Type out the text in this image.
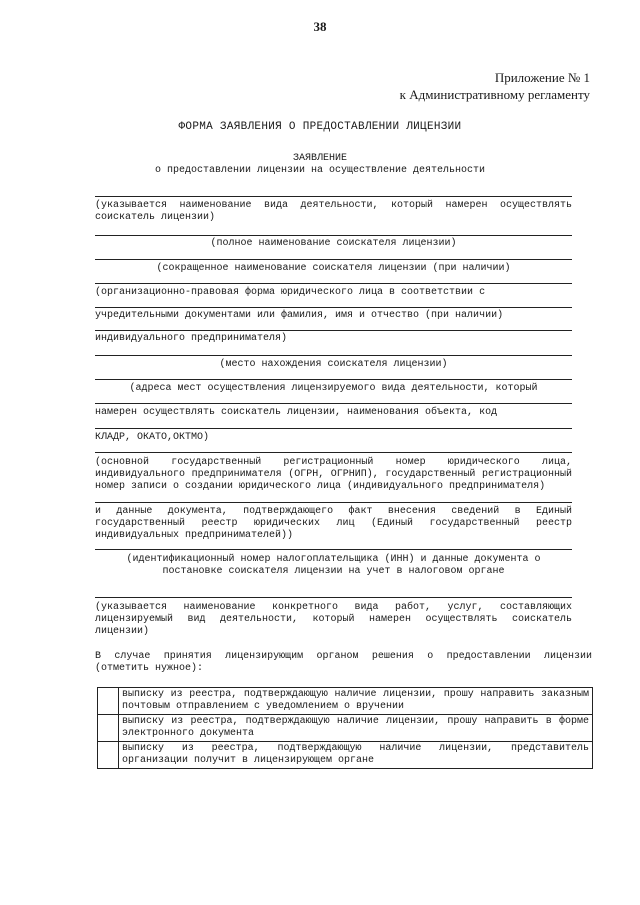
38
Приложение № 1
к Административному регламенту
ФОРМА ЗАЯВЛЕНИЯ О ПРЕДОСТАВЛЕНИИ ЛИЦЕНЗИИ
ЗАЯВЛЕНИЕ
о предоставлении лицензии на осуществление деятельности
(указывается наименование вида деятельности, который намерен осуществлять соискатель лицензии)
(полное наименование соискателя лицензии)
(сокращенное наименование соискателя лицензии (при наличии)
(организационно-правовая форма юридического лица в соответствии с
учредительными документами или фамилия, имя и отчество (при наличии)
индивидуального предпринимателя)
(место нахождения соискателя лицензии)
(адреса мест осуществления лицензируемого вида деятельности, который
намерен осуществлять соискатель лицензии, наименования объекта, код
КЛАДР, ОКАТО,ОКТМО)
(основной государственный регистрационный номер юридического лица, индивидуального предпринимателя (ОГРН, ОГРНИП), государственный регистрационный номер записи о создании юридического лица (индивидуального предпринимателя)
и данные документа, подтверждающего факт внесения сведений в Единый государственный реестр юридических лиц (Единый государственный реестр индивидуальных предпринимателей))
(идентификационный номер налогоплательщика (ИНН) и данные документа о постановке соискателя лицензии на учет в налоговом органе
(указывается наименование конкретного вида работ, услуг, составляющих лицензируемый вид деятельности, который намерен осуществлять соискатель лицензии)
В случае принятия лицензирующим органом решения о предоставлении лицензии (отметить нужное):
	выписку из реестра, подтверждающую наличие лицензии, прошу направить заказным почтовым отправлением с уведомлением о вручении
	выписку из реестра, подтверждающую наличие лицензии, прошу направить в форме электронного документа
	выписку из реестра, подтверждающую наличие лицензии, представитель организации получит в лицензирующем органе
